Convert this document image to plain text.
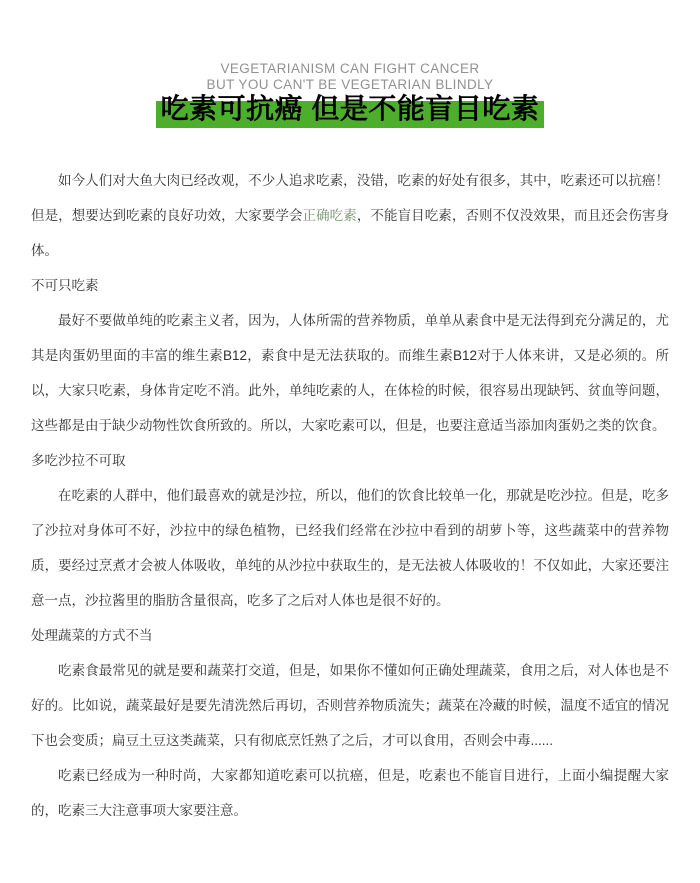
VEGETARIANISM CAN FIGHT CANCER
BUT YOU CAN'T BE VEGETARIAN BLINDLY
吃素可抗癌 但是不能盲目吃素

如今人们对大鱼大肉已经改观，不少人追求吃素，没错，吃素的好处有很多，其中，吃素还可以抗癌！但是，想要达到吃素的良好功效，大家要学会正确吃素，不能盲目吃素，否则不仅没效果，而且还会伤害身体。

不可只吃素

最好不要做单纯的吃素主义者，因为，人体所需的营养物质，单单从素食中是无法得到充分满足的，尤其是肉蛋奶里面的丰富的维生素B12，素食中是无法获取的。而维生素B12对于人体来讲，又是必须的。所以，大家只吃素，身体肯定吃不消。此外，单纯吃素的人，在体检的时候，很容易出现缺钙、贫血等问题，这些都是由于缺少动物性饮食所致的。所以，大家吃素可以，但是，也要注意适当添加肉蛋奶之类的饮食。

多吃沙拉不可取

在吃素的人群中，他们最喜欢的就是沙拉，所以，他们的饮食比较单一化，那就是吃沙拉。但是，吃多了沙拉对身体可不好，沙拉中的绿色植物，已经我们经常在沙拉中看到的胡萝卜等，这些蔬菜中的营养物质，要经过烹煮才会被人体吸收，单纯的从沙拉中获取生的，是无法被人体吸收的！不仅如此，大家还要注意一点，沙拉酱里的脂肪含量很高，吃多了之后对人体也是很不好的。

处理蔬菜的方式不当

吃素食最常见的就是要和蔬菜打交道，但是，如果你不懂如何正确处理蔬菜，食用之后，对人体也是不好的。比如说，蔬菜最好是要先清洗然后再切，否则营养物质流失；蔬菜在冷藏的时候，温度不适宜的情况下也会变质；扁豆土豆这类蔬菜，只有彻底烹饪熟了之后，才可以食用，否则会中毒......

吃素已经成为一种时尚，大家都知道吃素可以抗癌，但是，吃素也不能盲目进行，上面小编提醒大家的，吃素三大注意事项大家要注意。
